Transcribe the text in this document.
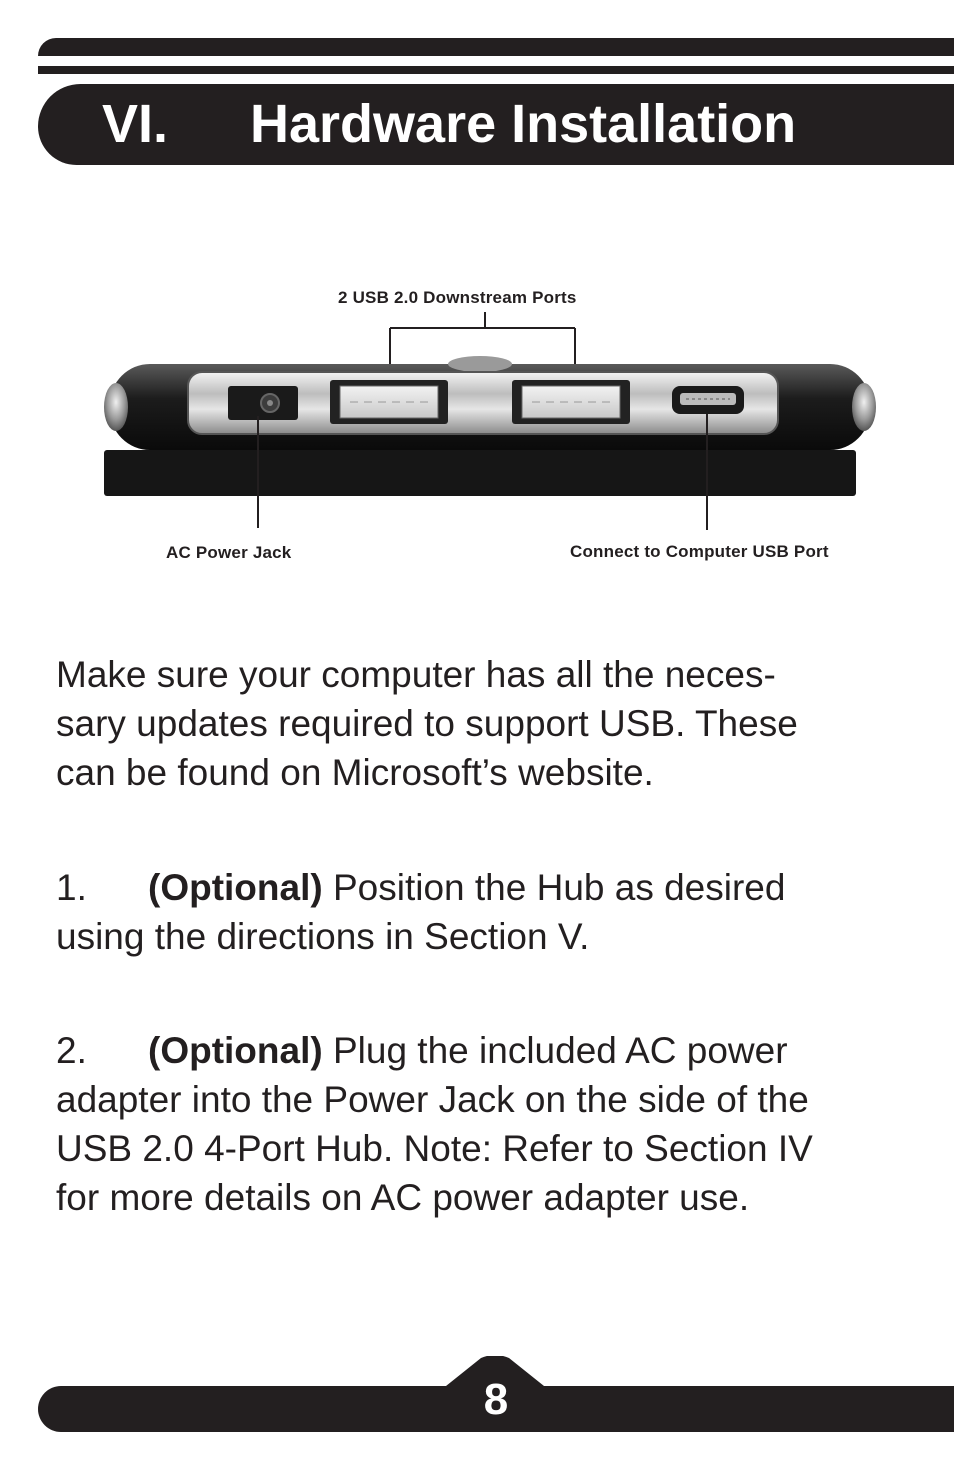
VI. Hardware Installation
2 USB 2.0 Downstream Ports
AC Power Jack	Connect to Computer USB Port
Make sure your computer has all the neces-
sary updates required to support USB. These
can be found on Microsoft’s website.
1. (Optional) Position the Hub as desired
using the directions in Section V.
2. (Optional) Plug the included AC power
adapter into the Power Jack on the side of the
USB 2.0 4-Port Hub. Note: Refer to Section IV
for more details on AC power adapter use.
8
